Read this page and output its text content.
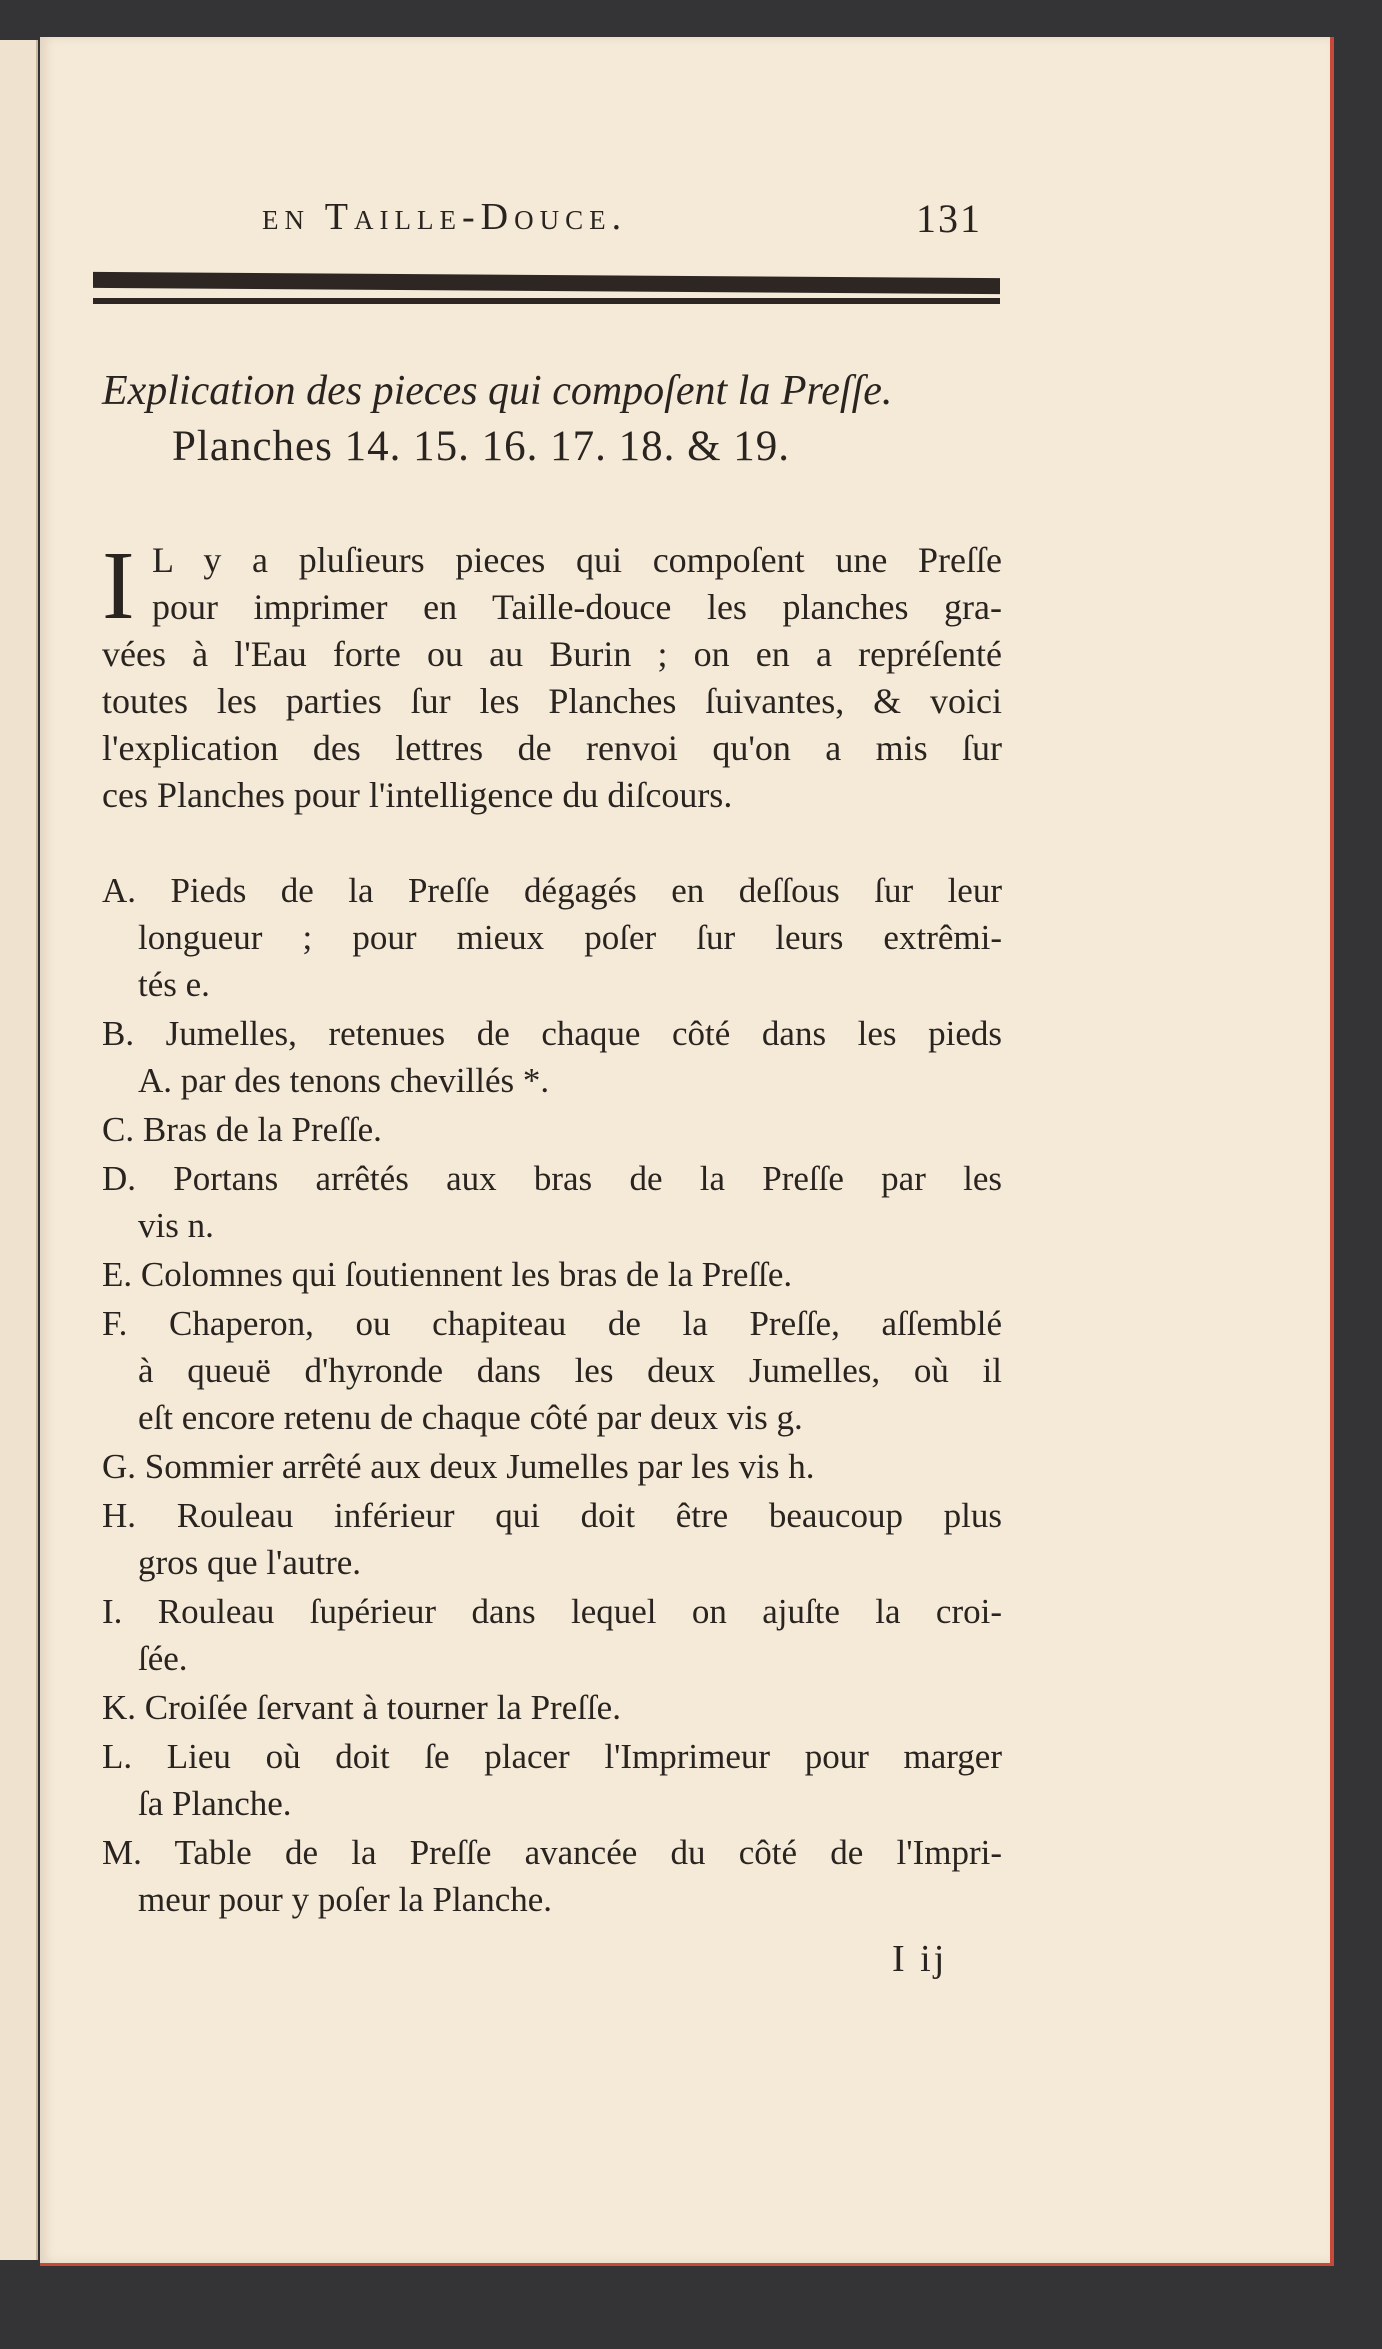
en Taille-Douce.	131
Explication des pieces qui compoſent la Preſſe.
Planches 14. 15. 16. 17. 18. & 19.
I L y a pluſieurs pieces qui compoſent une Preſſe
pour imprimer en Taille-douce les planches gra-
vées à l'Eau forte ou au Burin ; on en a repréſenté
toutes les parties ſur les Planches ſuivantes, & voici
l'explication des lettres de renvoi qu'on a mis ſur
ces Planches pour l'intelligence du diſcours.
A. Pieds de la Preſſe dégagés en deſſous ſur leur
longueur ; pour mieux poſer ſur leurs extrêmi-
tés e.
B. Jumelles, retenues de chaque côté dans les pieds
A. par des tenons chevillés *.
C. Bras de la Preſſe.
D. Portans arrêtés aux bras de la Preſſe par les
vis n.
E. Colomnes qui ſoutiennent les bras de la Preſſe.
F. Chaperon, ou chapiteau de la Preſſe, aſſemblé
à queuë d'hyronde dans les deux Jumelles, où il
eſt encore retenu de chaque côté par deux vis g.
G. Sommier arrêté aux deux Jumelles par les vis h.
H. Rouleau inférieur qui doit être beaucoup plus
gros que l'autre.
I. Rouleau ſupérieur dans lequel on ajuſte la croi-
ſée.
K. Croiſée ſervant à tourner la Preſſe.
L. Lieu où doit ſe placer l'Imprimeur pour marger
ſa Planche.
M. Table de la Preſſe avancée du côté de l'Impri-
meur pour y poſer la Planche.
I ij
